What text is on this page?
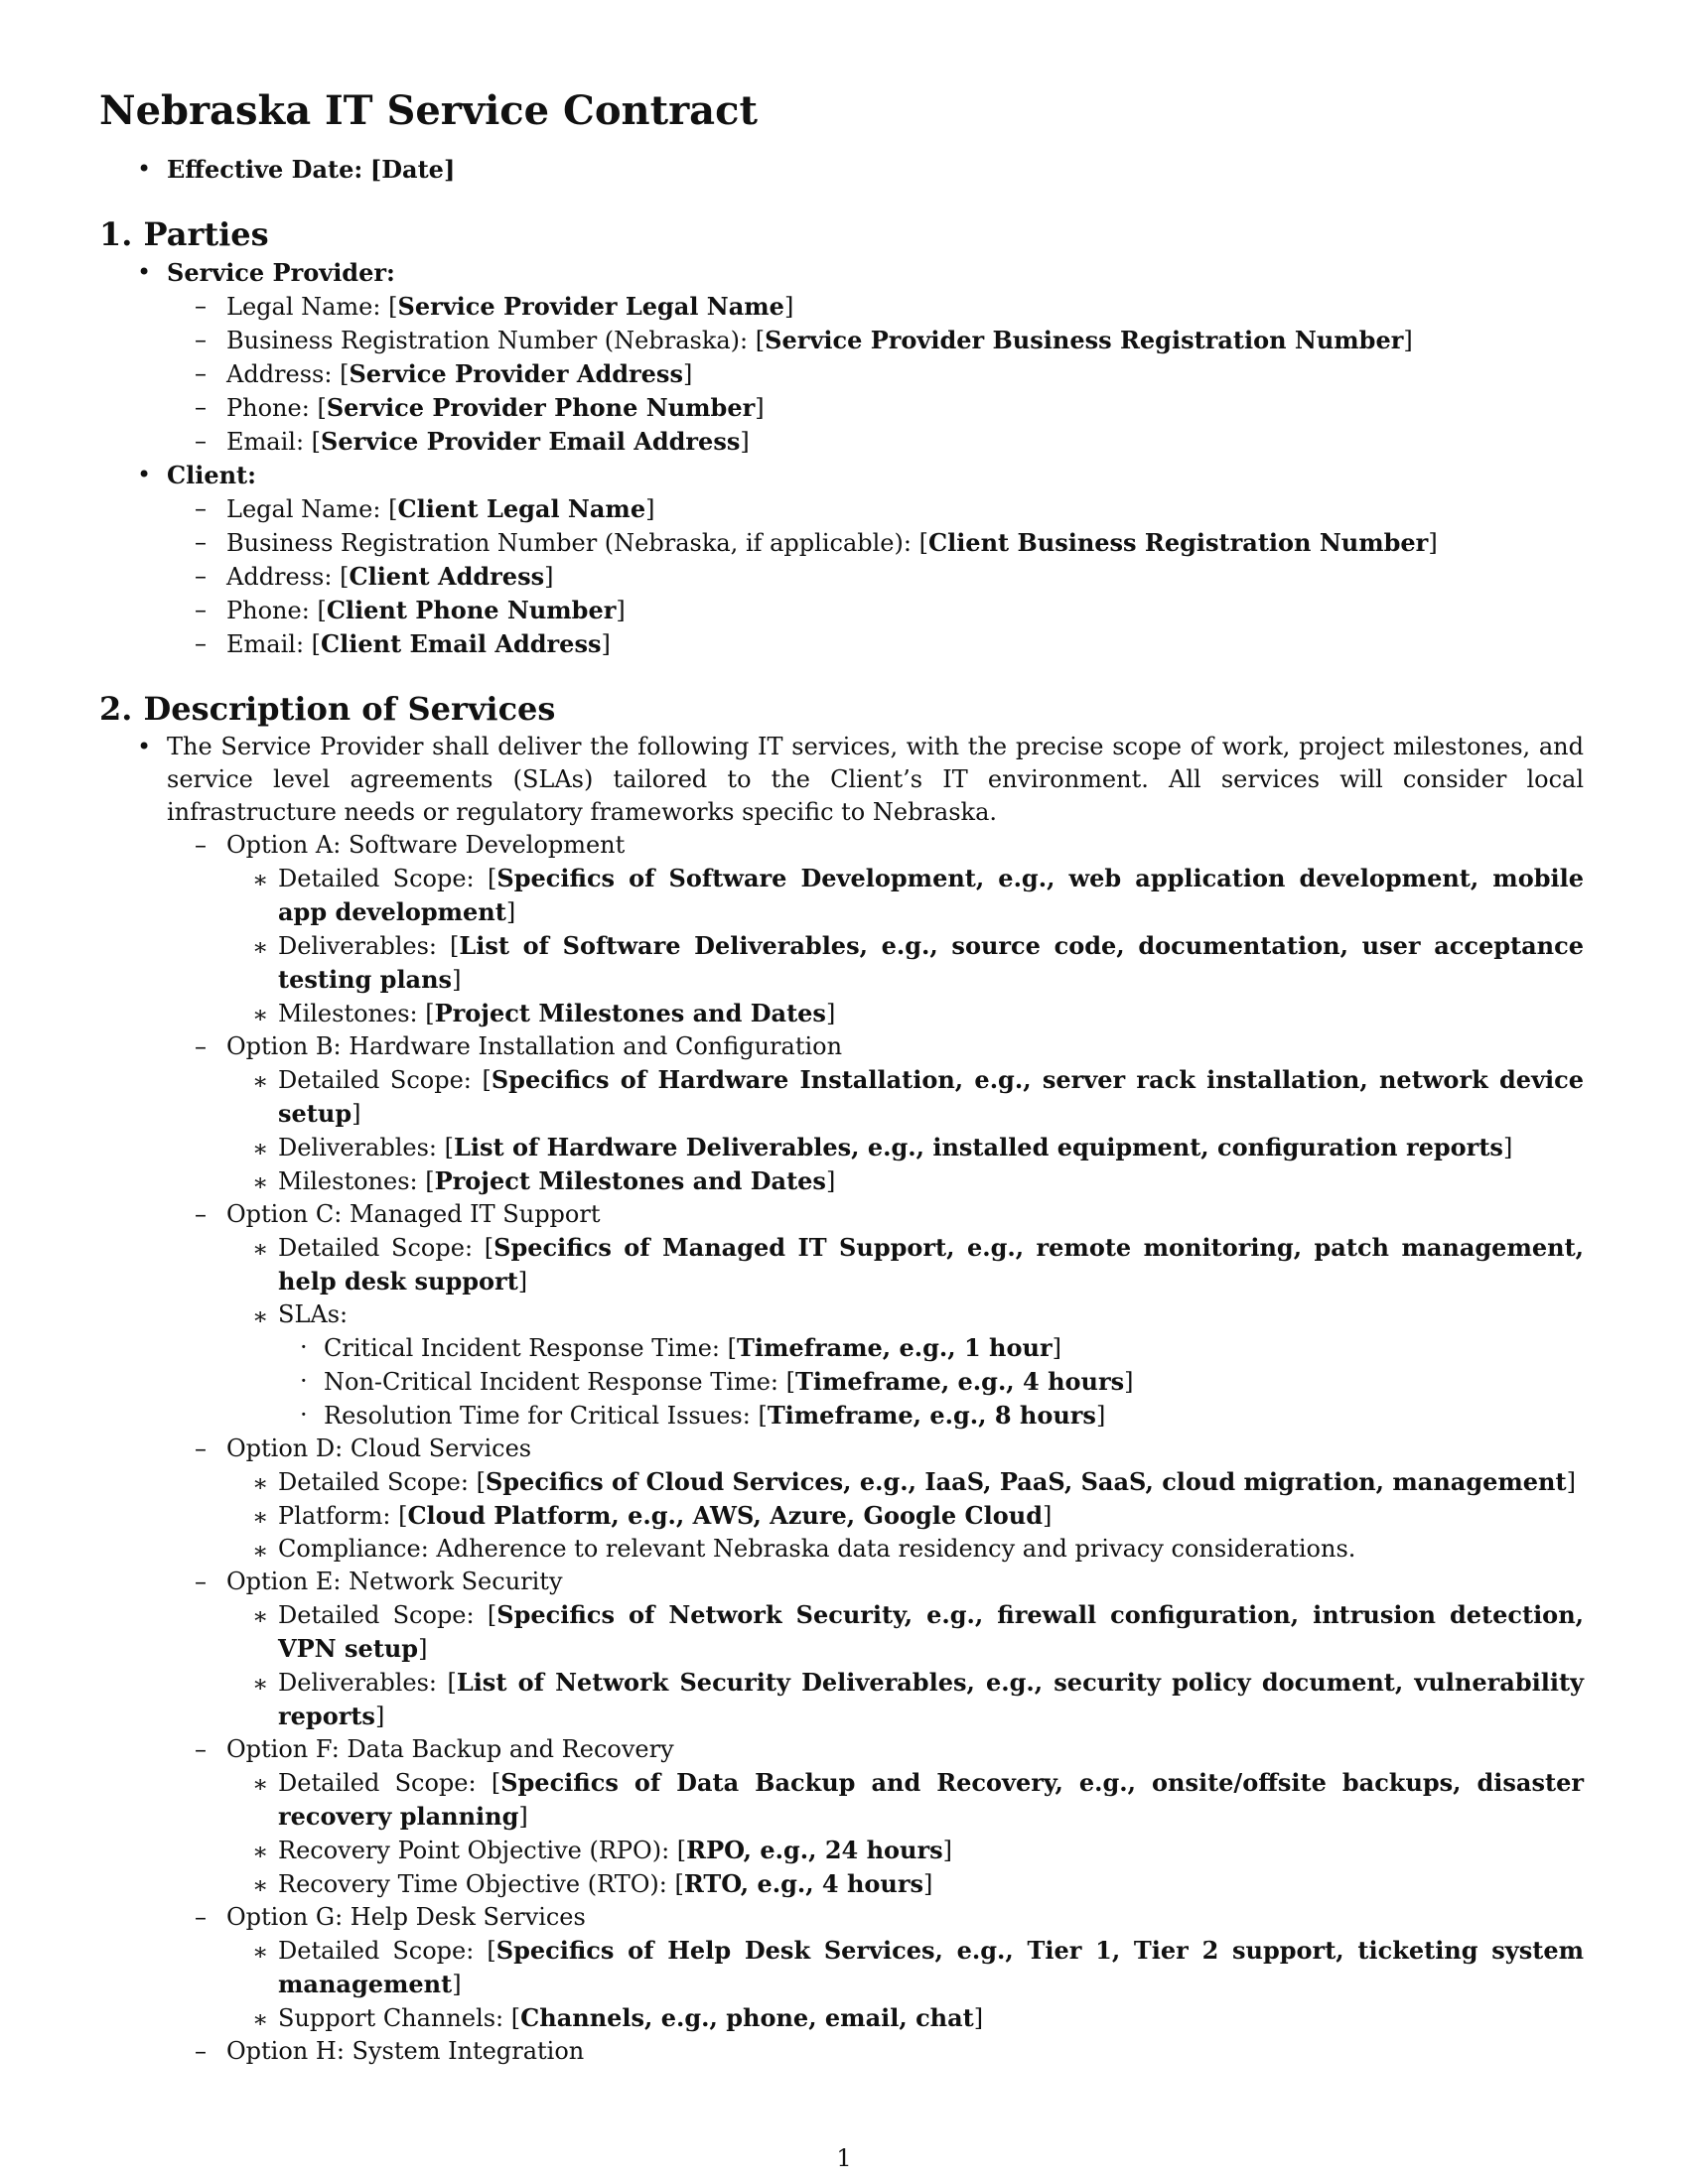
Nebraska IT Service Contract
• Effective Date: [Date]
1. Parties
• Service Provider:
– Legal Name: [Service Provider Legal Name]
– Business Registration Number (Nebraska): [Service Provider Business Registration Number]
– Address: [Service Provider Address]
– Phone: [Service Provider Phone Number]
– Email: [Service Provider Email Address]
• Client:
– Legal Name: [Client Legal Name]
– Business Registration Number (Nebraska, if applicable): [Client Business Registration Number]
– Address: [Client Address]
– Phone: [Client Phone Number]
– Email: [Client Email Address]
2. Description of Services
• The Service Provider shall deliver the following IT services, with the precise scope of work, project milestones, and service level agreements (SLAs) tailored to the Client’s IT environment. All services will consider local infrastructure needs or regulatory frameworks specific to Nebraska.
– Option A: Software Development
∗ Detailed Scope: [Specifics of Software Development, e.g., web application development, mobile app development]
∗ Deliverables: [List of Software Deliverables, e.g., source code, documentation, user acceptance testing plans]
∗ Milestones: [Project Milestones and Dates]
– Option B: Hardware Installation and Configuration
∗ Detailed Scope: [Specifics of Hardware Installation, e.g., server rack installation, network device setup]
∗ Deliverables: [List of Hardware Deliverables, e.g., installed equipment, configuration reports]
∗ Milestones: [Project Milestones and Dates]
– Option C: Managed IT Support
∗ Detailed Scope: [Specifics of Managed IT Support, e.g., remote monitoring, patch management, help desk support]
∗ SLAs:
· Critical Incident Response Time: [Timeframe, e.g., 1 hour]
· Non-Critical Incident Response Time: [Timeframe, e.g., 4 hours]
· Resolution Time for Critical Issues: [Timeframe, e.g., 8 hours]
– Option D: Cloud Services
∗ Detailed Scope: [Specifics of Cloud Services, e.g., IaaS, PaaS, SaaS, cloud migration, management]
∗ Platform: [Cloud Platform, e.g., AWS, Azure, Google Cloud]
∗ Compliance: Adherence to relevant Nebraska data residency and privacy considerations.
– Option E: Network Security
∗ Detailed Scope: [Specifics of Network Security, e.g., firewall configuration, intrusion detection, VPN setup]
∗ Deliverables: [List of Network Security Deliverables, e.g., security policy document, vulnerability reports]
– Option F: Data Backup and Recovery
∗ Detailed Scope: [Specifics of Data Backup and Recovery, e.g., onsite/offsite backups, disaster recovery planning]
∗ Recovery Point Objective (RPO): [RPO, e.g., 24 hours]
∗ Recovery Time Objective (RTO): [RTO, e.g., 4 hours]
– Option G: Help Desk Services
∗ Detailed Scope: [Specifics of Help Desk Services, e.g., Tier 1, Tier 2 support, ticketing system management]
∗ Support Channels: [Channels, e.g., phone, email, chat]
– Option H: System Integration
1
